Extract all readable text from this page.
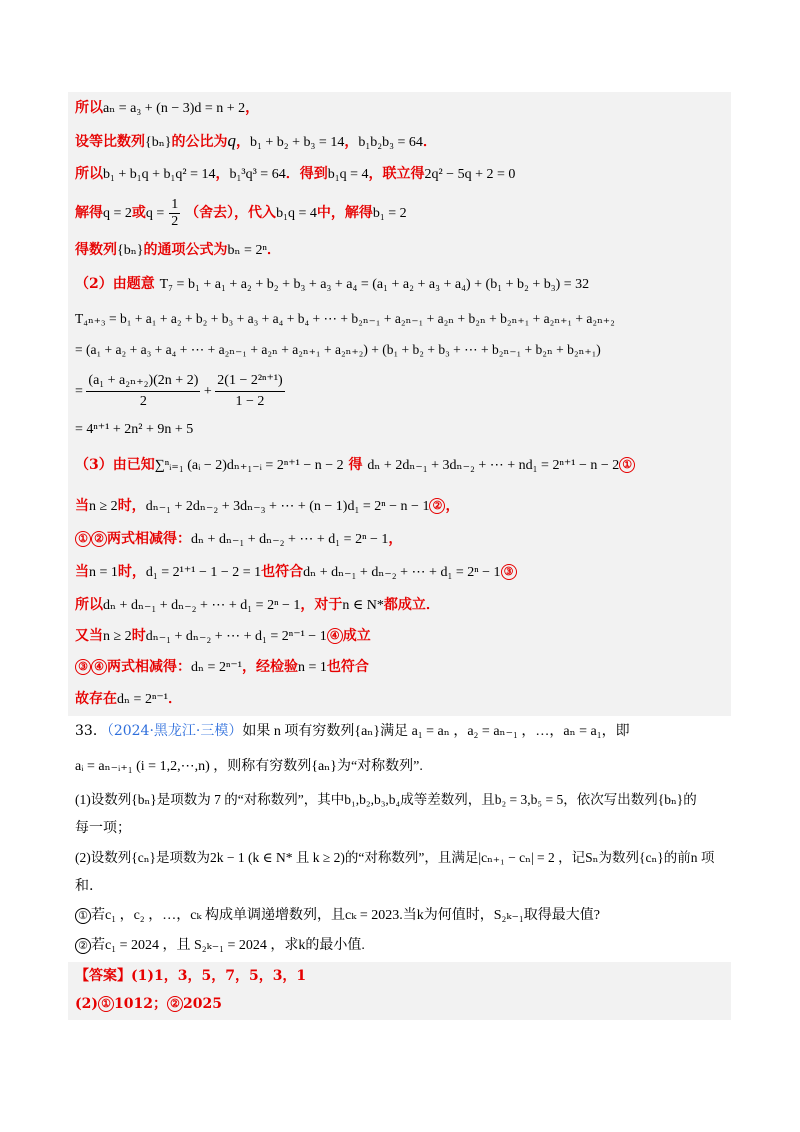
所以aₙ = a₃ + (n − 3)d = n + 2，
设等比数列{bₙ}的公比为q，b₁ + b₂ + b₃ = 14，b₁b₂b₃ = 64．
所以b₁ + b₁q + b₁q² = 14，b₁³q³ = 64．得到b₁q = 4，联立得2q² − 5q + 2 = 0
解得q = 2或$q = \frac{1}{2}$ （舍去），代入b₁q = 4中，解得b₁ = 2
得数列{bₙ}的通项公式为bₙ = 2ⁿ．
（2）由题意 T₇ = b₁ + a₁ + a₂ + b₂ + b₃ + a₃ + a₄ = (a₁ + a₂ + a₃ + a₄) + (b₁ + b₂ + b₃) = 32
T₄ₙ₊₃ = b₁ + a₁ + a₂ + b₂ + b₃ + a₃ + a₄ + b₄ + ⋯ + b₂ₙ₋₁ + a₂ₙ₋₁ + a₂ₙ + b₂ₙ + b₂ₙ₊₁ + a₂ₙ₊₁ + a₂ₙ₊₂
= (a₁ + a₂ + a₃ + a₄ + ⋯ + a₂ₙ₋₁ + a₂ₙ + a₂ₙ₊₁ + a₂ₙ₊₂) + (b₁ + b₂ + b₃ + ⋯ + b₂ₙ₋₁ + b₂ₙ + b₂ₙ₊₁)
= $\frac{\text{(a₁ + a₂ₙ₊₂)(2n + 2)}}{2} + \frac{\text{2(1 − 2²ⁿ⁺¹)}}{1 - 2}$
= 4ⁿ⁺¹ + 2n² + 9n + 5
（3）由已知∑ⁿᵢ₌₁ (aᵢ − 2)dₙ₊₁₋ᵢ = 2ⁿ⁺¹ − n − 2 得 dₙ + 2dₙ₋₁ + 3dₙ₋₂ + ⋯ + nd₁ = 2ⁿ⁺¹ − n − 2 ①
当n ≥ 2时，dₙ₋₁ + 2dₙ₋₂ + 3dₙ₋₃ + ⋯ + (n − 1)d₁ = 2ⁿ − n − 1 ② ，
① ② 两式相减得：dₙ + dₙ₋₁ + dₙ₋₂ + ⋯ + d₁ = 2ⁿ − 1，
当n = 1时，d₁ = 2¹⁺¹ − 1 − 2 = 1也符合dₙ + dₙ₋₁ + dₙ₋₂ + ⋯ + d₁ = 2ⁿ − 1 ③
所以dₙ + dₙ₋₁ + dₙ₋₂ + ⋯ + d₁ = 2ⁿ − 1，对于n ∈ N*都成立．
又当n ≥ 2时dₙ₋₁ + dₙ₋₂ + ⋯ + d₁ = 2ⁿ⁻¹ − 1 ④ 成立
③ ④ 两式相减得：dₙ = 2ⁿ⁻¹，经检验n = 1也符合
故存在dₙ = 2ⁿ⁻¹．
33．（2024·黑龙江·三模）如果 n 项有穷数列{aₙ}满足 a₁ = aₙ ，a₂ = aₙ₋₁ ，…，aₙ = a₁，即
aᵢ = aₙ₋ᵢ₊₁ (i = 1,2,⋯,n) ，则称有穷数列{aₙ}为“对称数列”.
(1)设数列{bₙ}是项数为 7 的“对称数列”，其中b₁,b₂,b₃,b₄成等差数列，且b₂ = 3,b₅ = 5，依次写出数列{bₙ}的
每一项；
(2)设数列{cₙ}是项数为2k − 1 (k ∈ N* 且 k ≥ 2)的“对称数列”，且满足|cₙ₊₁ − cₙ| = 2 ，记Sₙ为数列{cₙ}的前n 项
和.
① 若c₁ ，c₂ ，…，cₖ 构成单调递增数列，且cₖ = 2023.当k为何值时，S₂ₖ₋₁取得最大值?
② 若c₁ = 2024 ，且 S₂ₖ₋₁ = 2024 ，求k的最小值.
【答案】(1)1，3，5，7，5，3，1
(2) ① 1012； ② 2025
